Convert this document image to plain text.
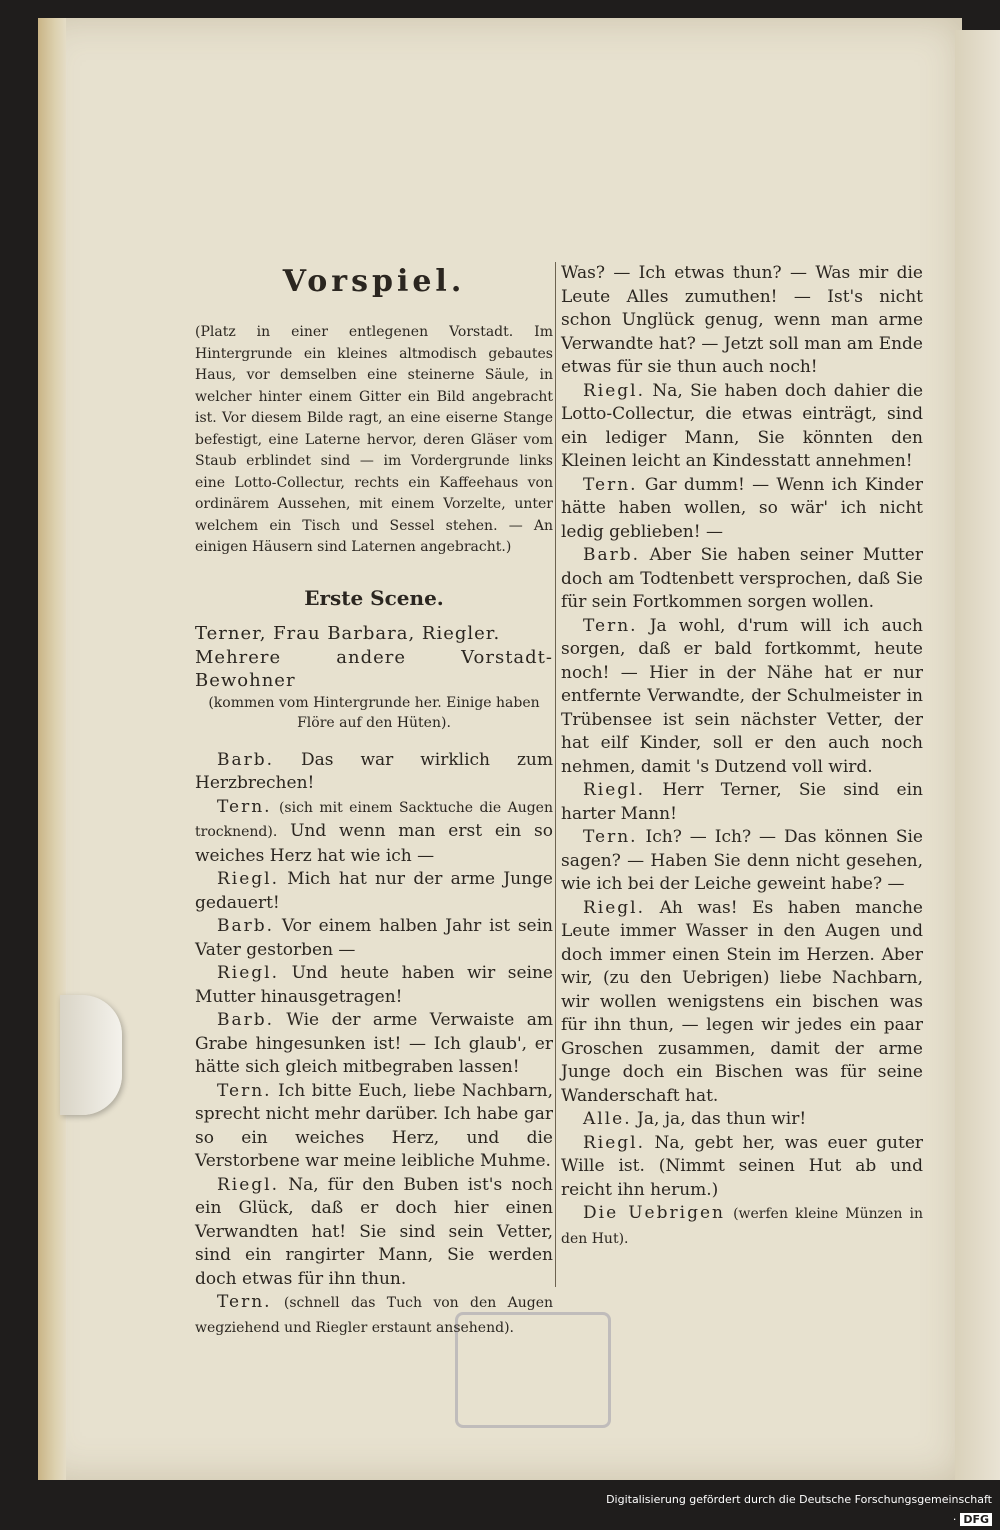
Vorspiel.

(Platz in einer entlegenen Vorstadt. Im Hintergrunde ein kleines altmodisch gebautes Haus, vor demselben eine steinerne Säule, in welcher hinter einem Gitter ein Bild angebracht ist. Vor diesem Bilde ragt, an eine eiserne Stange befestigt, eine Laterne hervor, deren Gläser vom Staub erblindet sind — im Vordergrunde links eine Lotto-Collectur, rechts ein Kaffeehaus von ordinärem Aussehen, mit einem Vorzelte, unter welchem ein Tisch und Sessel stehen. — An einigen Häusern sind Laternen angebracht.)

Erste Scene.

Terner, Frau Barbara, Riegler.

Mehrere andere Vorstadt-Bewohner

(kommen vom Hintergrunde her. Einige haben Flöre auf den Hüten).

Barb. Das war wirklich zum Herzbrechen!

Tern. (sich mit einem Sacktuche die Augen trocknend). Und wenn man erst ein so weiches Herz hat wie ich —

Riegl. Mich hat nur der arme Junge gedauert!

Barb. Vor einem halben Jahr ist sein Vater gestorben —

Riegl. Und heute haben wir seine Mutter hinausgetragen!

Barb. Wie der arme Verwaiste am Grabe hingesunken ist! — Ich glaub', er hätte sich gleich mitbegraben lassen!

Tern. Ich bitte Euch, liebe Nachbarn, sprecht nicht mehr darüber. Ich habe gar so ein weiches Herz, und die Verstorbene war meine leibliche Muhme.

Riegl. Na, für den Buben ist's noch ein Glück, daß er doch hier einen Verwandten hat! Sie sind sein Vetter, sind ein rangirter Mann, Sie werden doch etwas für ihn thun.

Tern. (schnell das Tuch von den Augen wegziehend und Riegler erstaunt ansehend).

Was? — Ich etwas thun? — Was mir die Leute Alles zumuthen! — Ist's nicht schon Unglück genug, wenn man arme Verwandte hat? — Jetzt soll man am Ende etwas für sie thun auch noch!

Riegl. Na, Sie haben doch dahier die Lotto-Collectur, die etwas einträgt, sind ein lediger Mann, Sie könnten den Kleinen leicht an Kindesstatt annehmen!

Tern. Gar dumm! — Wenn ich Kinder hätte haben wollen, so wär' ich nicht ledig geblieben! —

Barb. Aber Sie haben seiner Mutter doch am Todtenbett versprochen, daß Sie für sein Fortkommen sorgen wollen.

Tern. Ja wohl, d'rum will ich auch sorgen, daß er bald fortkommt, heute noch! — Hier in der Nähe hat er nur entfernte Verwandte, der Schulmeister in Trübensee ist sein nächster Vetter, der hat eilf Kinder, soll er den auch noch nehmen, damit 's Dutzend voll wird.

Riegl. Herr Terner, Sie sind ein harter Mann!

Tern. Ich? — Ich? — Das können Sie sagen? — Haben Sie denn nicht gesehen, wie ich bei der Leiche geweint habe? —

Riegl. Ah was! Es haben manche Leute immer Wasser in den Augen und doch immer einen Stein im Herzen. Aber wir, (zu den Uebrigen) liebe Nachbarn, wir wollen wenigstens ein bischen was für ihn thun, — legen wir jedes ein paar Groschen zusammen, damit der arme Junge doch ein Bischen was für seine Wanderschaft hat.

Alle. Ja, ja, das thun wir!

Riegl. Na, gebt her, was euer guter Wille ist. (Nimmt seinen Hut ab und reicht ihn herum.)

Die Uebrigen (werfen kleine Münzen in den Hut).

Digitalisierung gefördert durch die Deutsche Forschungsgemeinschaft · DFG
